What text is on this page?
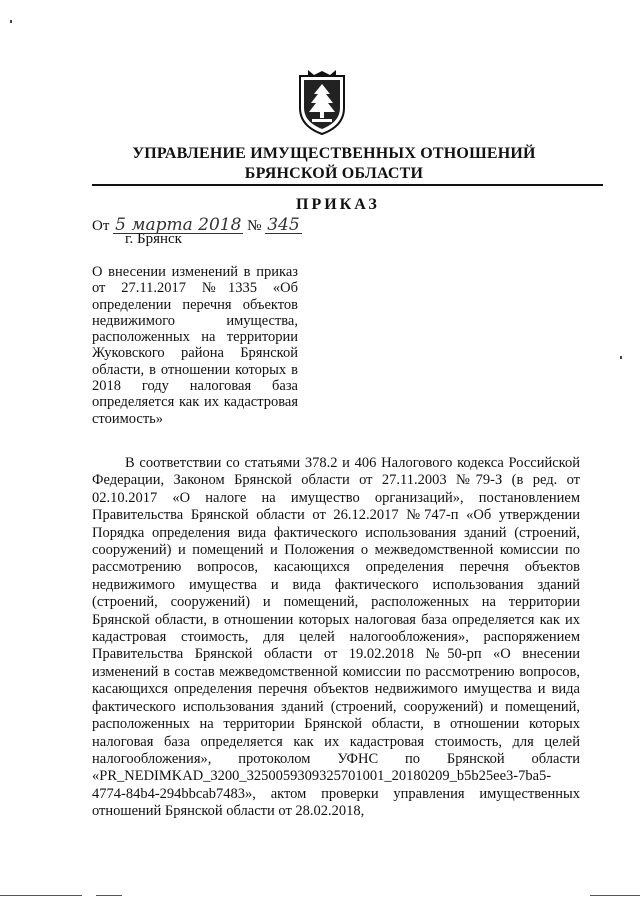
УПРАВЛЕНИЕ ИМУЩЕСТВЕННЫХ ОТНОШЕНИЙ
БРЯНСКОЙ ОБЛАСТИ
ПРИКАЗ
От 5 марта 2018 № 345
г. Брянск
О внесении изменений в приказ от 27.11.2017 №1335 «Об определении перечня объектов недвижимого имущества, расположенных на территории Жуковского района Брянской области, в отношении которых в 2018 году налоговая база определяется как их кадастровая стоимость»
В соответствии со статьями 378.2 и 406 Налогового кодекса Российской Федерации, Законом Брянской области от 27.11.2003 №79-З (в ред. от 02.10.2017 «О налоге на имущество организаций», постановлением Правительства Брянской области от 26.12.2017 №747-п «Об утверждении Порядка определения вида фактического использования зданий (строений, сооружений) и помещений и Положения о межведомственной комиссии по рассмотрению вопросов, касающихся определения перечня объектов недвижимого имущества и вида фактического использования зданий (строений, сооружений) и помещений, расположенных на территории Брянской области, в отношении которых налоговая база определяется как их кадастровая стоимость, для целей налогообложения», распоряжением Правительства Брянской области от 19.02.2018 №50-рп «О внесении изменений в состав межведомственной комиссии по рассмотрению вопросов, касающихся определения перечня объектов недвижимого имущества и вида фактического использования зданий (строений, сооружений) и помещений, расположенных на территории Брянской области, в отношении которых налоговая база определяется как их кадастровая стоимость, для целей налогообложения», протоколом УФНС по Брянской области «PR_NEDIMKAD_3200_3250059309325701001_20180209_b5b25ee3-7ba5-4774-84b4-294bbcab7483», актом проверки управления имущественных отношений Брянской области от 28.02.2018,
